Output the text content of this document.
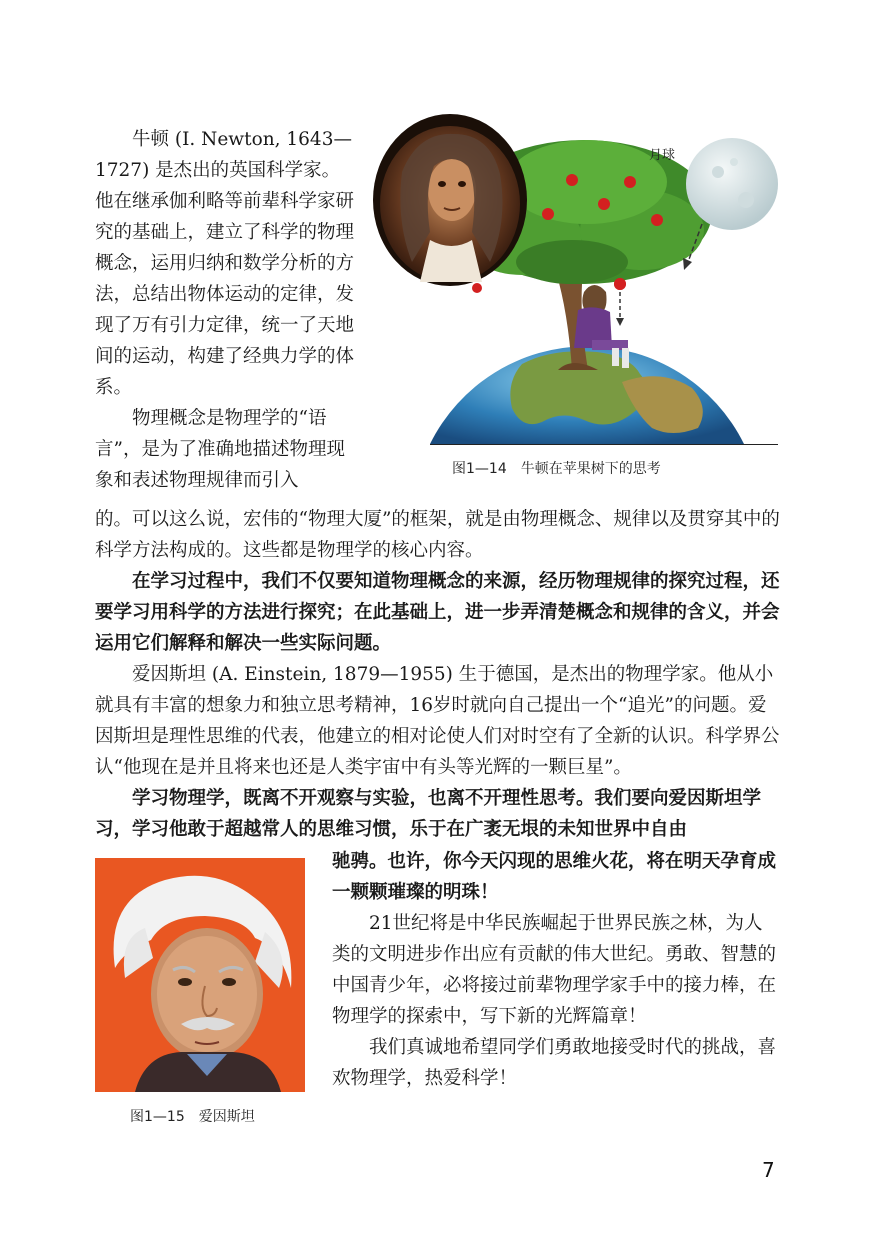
牛顿 (I. Newton, 1643—1727) 是杰出的英国科学家。他在继承伽利略等前辈科学家研究的基础上，建立了科学的物理概念，运用归纳和数学分析的方法，总结出物体运动的定律，发现了万有引力定律，统一了天地间的运动，构建了经典力学的体系。

物理概念是物理学的“语言”，是为了准确地描述物理现象和表述物理规律而引入

月球
图1—14　牛顿在苹果树下的思考

的。可以这么说，宏伟的“物理大厦”的框架，就是由物理概念、规律以及贯穿其中的科学方法构成的。这些都是物理学的核心内容。

在学习过程中，我们不仅要知道物理概念的来源，经历物理规律的探究过程，还要学习用科学的方法进行探究；在此基础上，进一步弄清楚概念和规律的含义，并会运用它们解释和解决一些实际问题。

爱因斯坦 (A. Einstein, 1879—1955) 生于德国，是杰出的物理学家。他从小就具有丰富的想象力和独立思考精神，16岁时就向自己提出一个“追光”的问题。爱因斯坦是理性思维的代表，他建立的相对论使人们对时空有了全新的认识。科学界公认“他现在是并且将来也还是人类宇宙中有头等光辉的一颗巨星”。

学习物理学，既离不开观察与实验，也离不开理性思考。我们要向爱因斯坦学习，学习他敢于超越常人的思维习惯，乐于在广袤无垠的未知世界中自由

图1—15　爱因斯坦

驰骋。也许，你今天闪现的思维火花，将在明天孕育成一颗颗璀璨的明珠！

21世纪将是中华民族崛起于世界民族之林，为人类的文明进步作出应有贡献的伟大世纪。勇敢、智慧的中国青少年，必将接过前辈物理学家手中的接力棒，在物理学的探索中，写下新的光辉篇章！

我们真诚地希望同学们勇敢地接受时代的挑战，喜欢物理学，热爱科学！

7
